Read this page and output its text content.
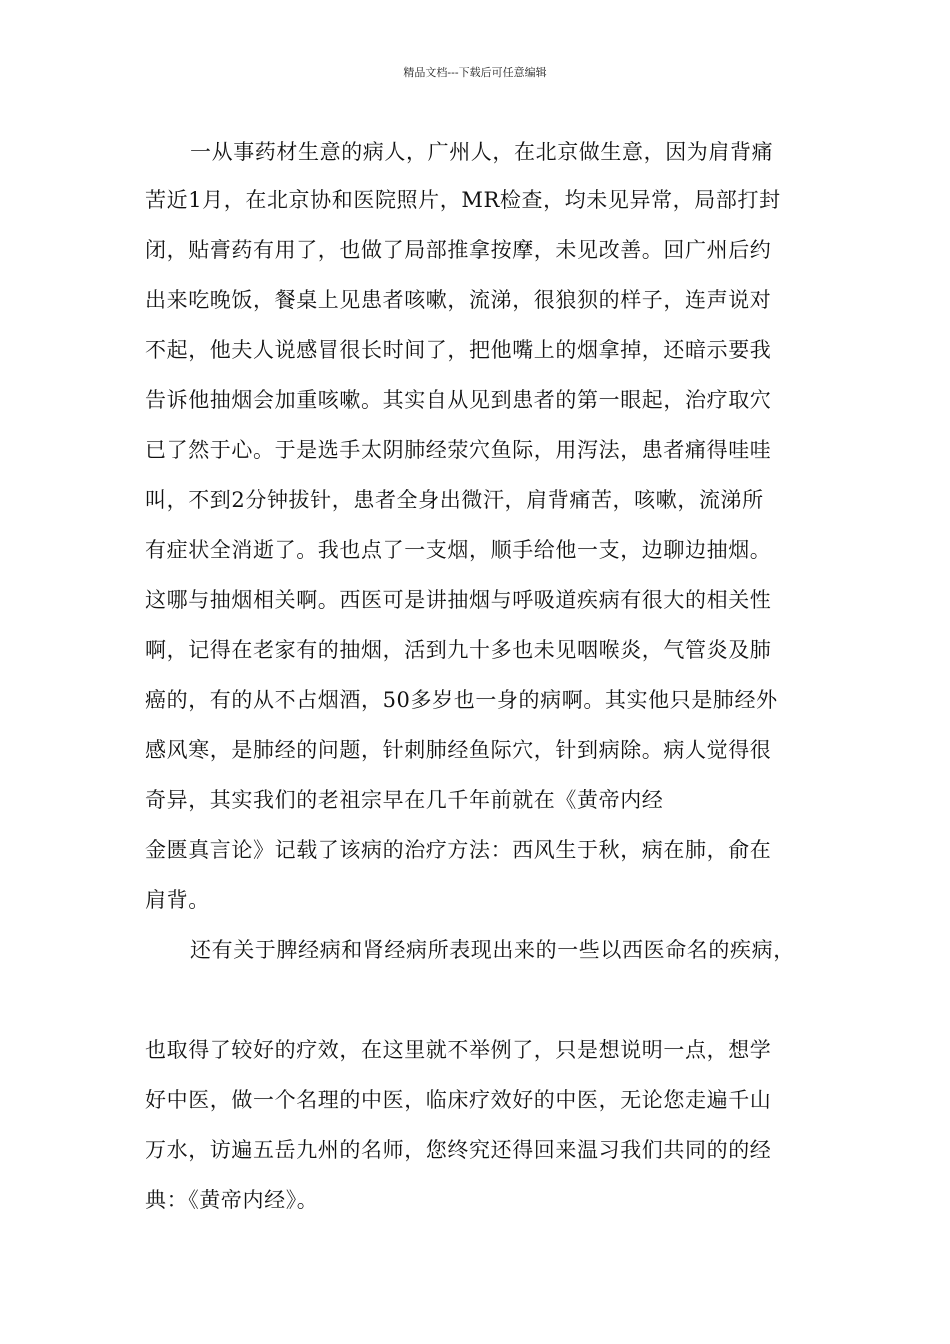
精品文档---下载后可任意编辑
一从事药材生意的病人，广州人，在北京做生意，因为肩背痛
苦近1月，在北京协和医院照片，MR检查，均未见异常，局部打封
闭，贴膏药有用了，也做了局部推拿按摩，未见改善。回广州后约
出来吃晚饭，餐桌上见患者咳嗽，流涕，很狼狈的样子，连声说对
不起，他夫人说感冒很长时间了，把他嘴上的烟拿掉，还暗示要我
告诉他抽烟会加重咳嗽。其实自从见到患者的第一眼起，治疗取穴
已了然于心。于是选手太阴肺经荥穴鱼际，用泻法，患者痛得哇哇
叫，不到2分钟拔针，患者全身出微汗，肩背痛苦，咳嗽，流涕所
有症状全消逝了。我也点了一支烟，顺手给他一支，边聊边抽烟。
这哪与抽烟相关啊。西医可是讲抽烟与呼吸道疾病有很大的相关性
啊，记得在老家有的抽烟，活到九十多也未见咽喉炎，气管炎及肺
癌的，有的从不占烟酒，50多岁也一身的病啊。其实他只是肺经外
感风寒，是肺经的问题，针刺肺经鱼际穴，针到病除。病人觉得很
奇异，其实我们的老祖宗早在几千年前就在《黄帝内经
金匮真言论》记载了该病的治疗方法：西风生于秋，病在肺，俞在
肩背。
还有关于脾经病和肾经病所表现出来的一些以西医命名的疾病，
也取得了较好的疗效，在这里就不举例了，只是想说明一点，想学
好中医，做一个名理的中医，临床疗效好的中医，无论您走遍千山
万水，访遍五岳九州的名师，您终究还得回来温习我们共同的的经
典：《黄帝内经》。
